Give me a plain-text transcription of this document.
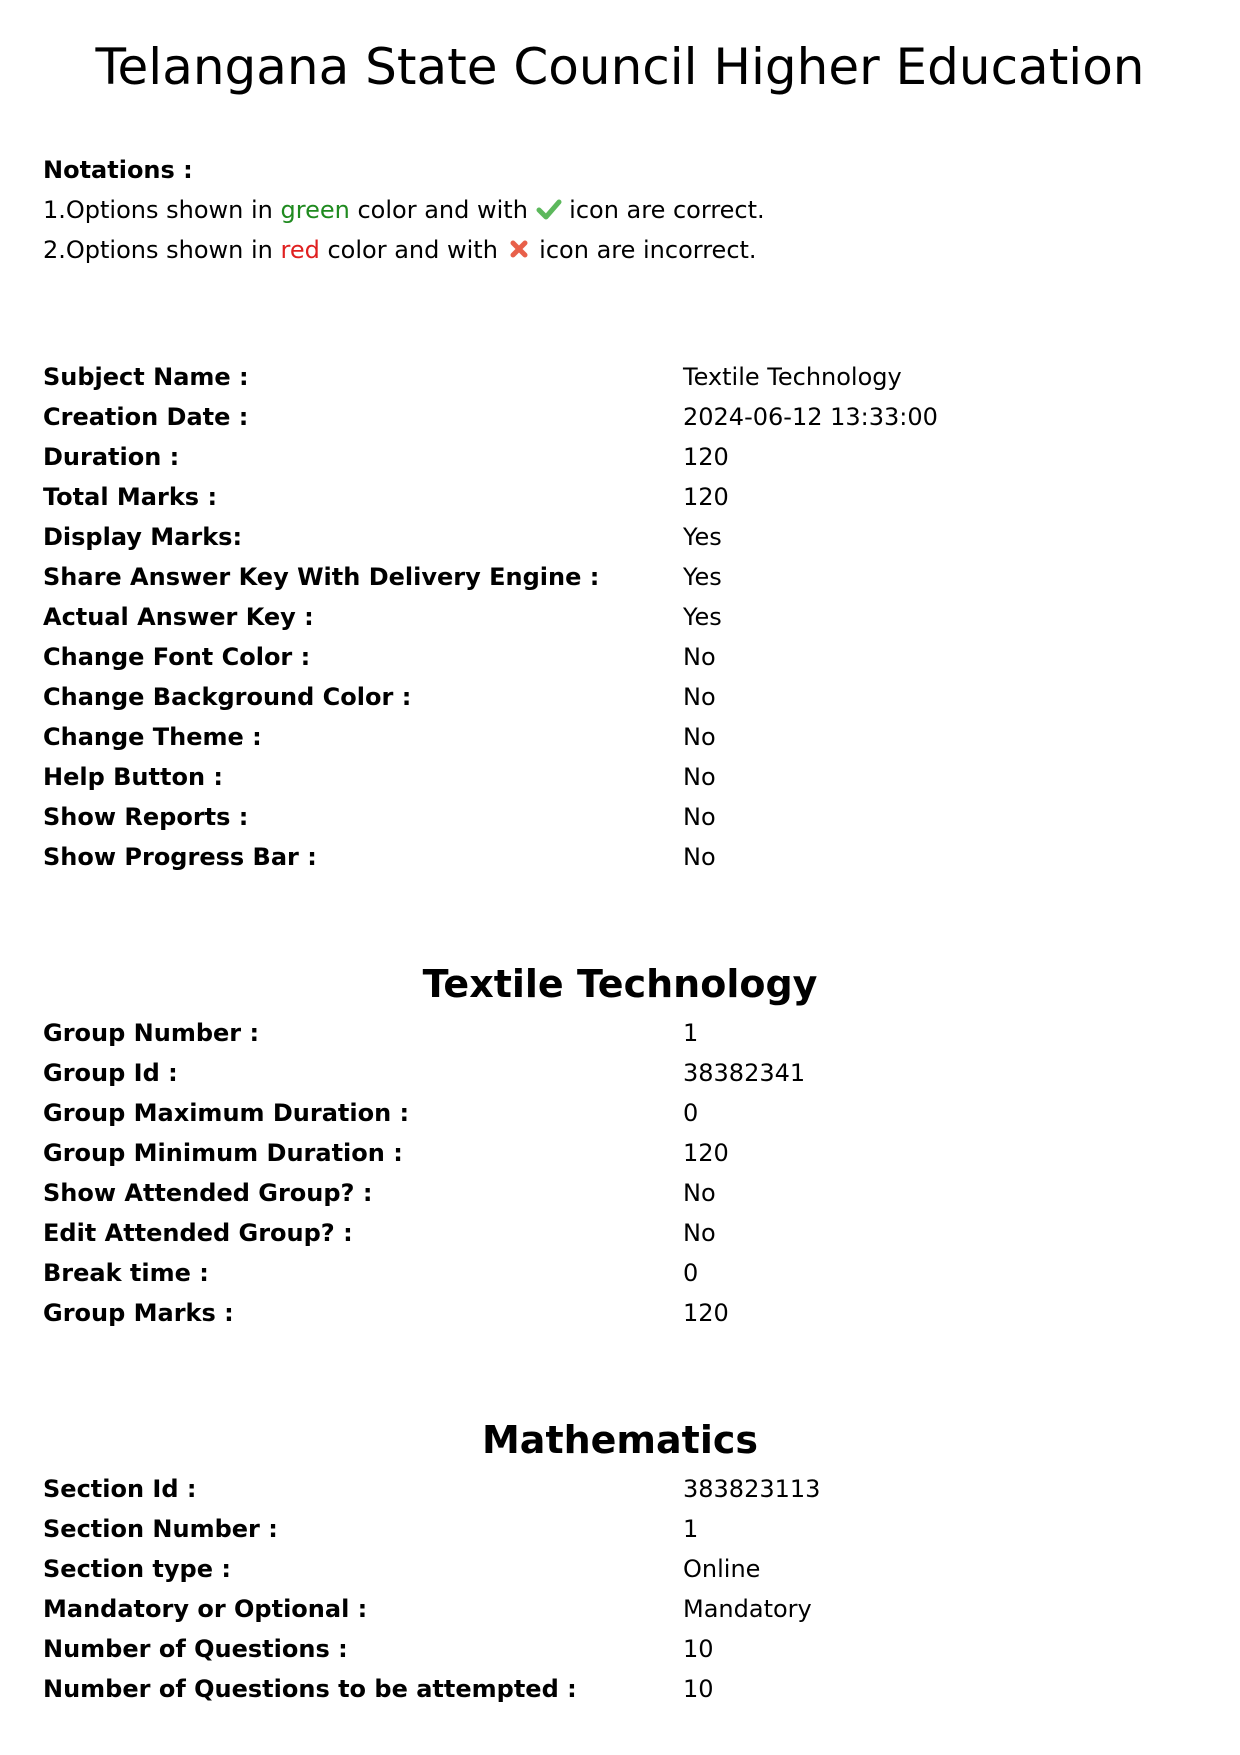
Telangana State Council Higher Education
Notations :
1.Options shown in green color and with  icon are correct.
2.Options shown in red color and with  icon are incorrect.
Subject Name :	Textile Technology
Creation Date :	2024-06-12 13:33:00
Duration :	120
Total Marks :	120
Display Marks:	Yes
Share Answer Key With Delivery Engine :	Yes
Actual Answer Key :	Yes
Change Font Color :	No
Change Background Color :	No
Change Theme :	No
Help Button :	No
Show Reports :	No
Show Progress Bar :	No
Textile Technology
Group Number :	1
Group Id :	38382341
Group Maximum Duration :	0
Group Minimum Duration :	120
Show Attended Group? :	No
Edit Attended Group? :	No
Break time :	0
Group Marks :	120
Mathematics
Section Id :	383823113
Section Number :	1
Section type :	Online
Mandatory or Optional :	Mandatory
Number of Questions :	10
Number of Questions to be attempted :	10
